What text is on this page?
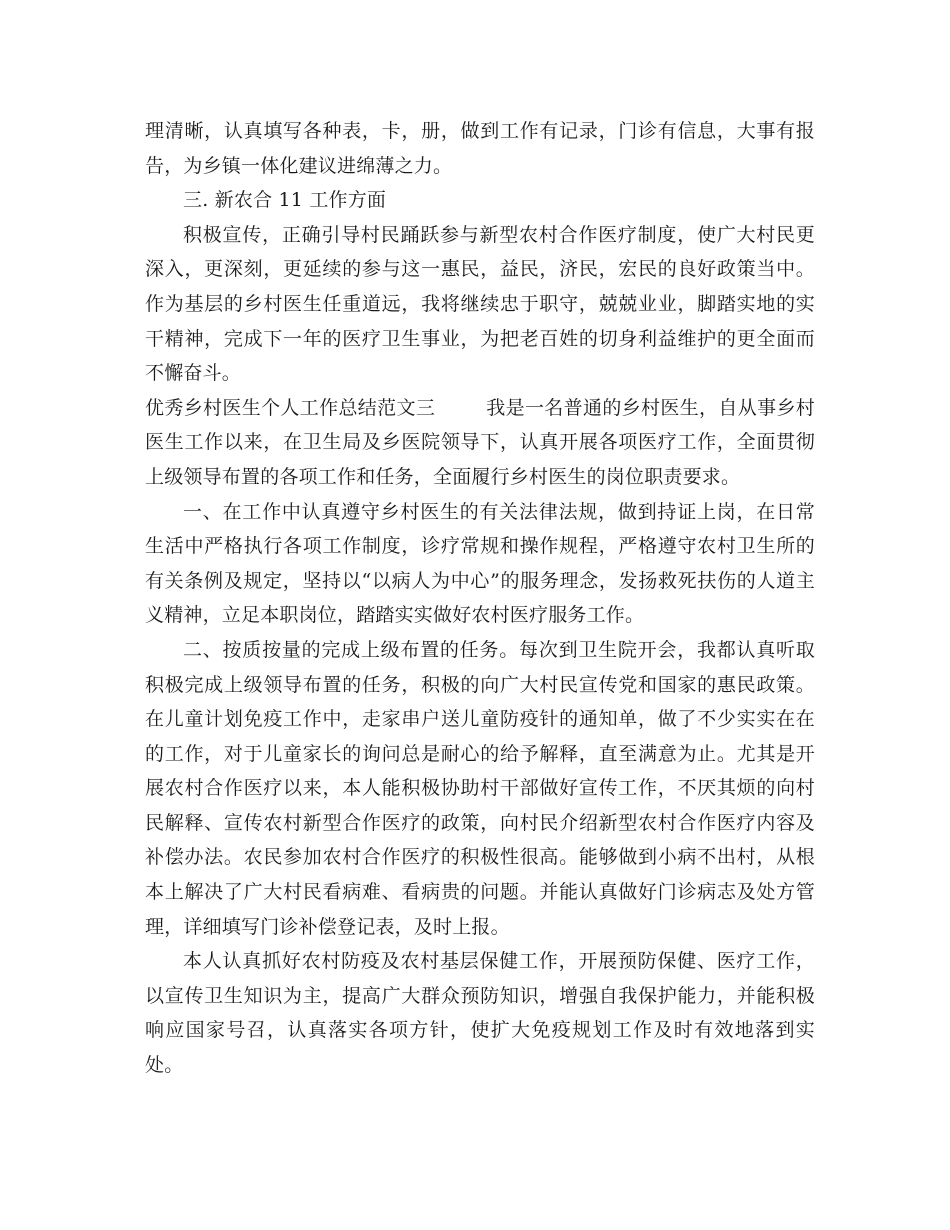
理清晰，认真填写各种表，卡，册，做到工作有记录，门诊有信息，大事有报告，为乡镇一体化建议进绵薄之力。

三. 新农合 11 工作方面

积极宣传，正确引导村民踊跃参与新型农村合作医疗制度，使广大村民更深入，更深刻，更延续的参与这一惠民，益民，济民，宏民的良好政策当中。作为基层的乡村医生任重道远，我将继续忠于职守，兢兢业业，脚踏实地的实干精神，完成下一年的医疗卫生事业，为把老百姓的切身利益维护的更全面而不懈奋斗。

优秀乡村医生个人工作总结范文三	我是一名普通的乡村医生，自从事乡村医生工作以来，在卫生局及乡医院领导下，认真开展各项医疗工作，全面贯彻上级领导布置的各项工作和任务，全面履行乡村医生的岗位职责要求。

一、在工作中认真遵守乡村医生的有关法律法规，做到持证上岗，在日常生活中严格执行各项工作制度，诊疗常规和操作规程，严格遵守农村卫生所的有关条例及规定，坚持以“以病人为中心”的服务理念，发扬救死扶伤的人道主义精神，立足本职岗位，踏踏实实做好农村医疗服务工作。

二、按质按量的完成上级布置的任务。每次到卫生院开会，我都认真听取积极完成上级领导布置的任务，积极的向广大村民宣传党和国家的惠民政策。在儿童计划免疫工作中，走家串户送儿童防疫针的通知单，做了不少实实在在的工作，对于儿童家长的询问总是耐心的给予解释，直至满意为止。尤其是开展农村合作医疗以来，本人能积极协助村干部做好宣传工作，不厌其烦的向村民解释、宣传农村新型合作医疗的政策，向村民介绍新型农村合作医疗内容及补偿办法。农民参加农村合作医疗的积极性很高。能够做到小病不出村，从根本上解决了广大村民看病难、看病贵的问题。并能认真做好门诊病志及处方管理，详细填写门诊补偿登记表，及时上报。

本人认真抓好农村防疫及农村基层保健工作，开展预防保健、医疗工作，以宣传卫生知识为主，提高广大群众预防知识，增强自我保护能力，并能积极响应国家号召，认真落实各项方针，使扩大免疫规划工作及时有效地落到实处。
